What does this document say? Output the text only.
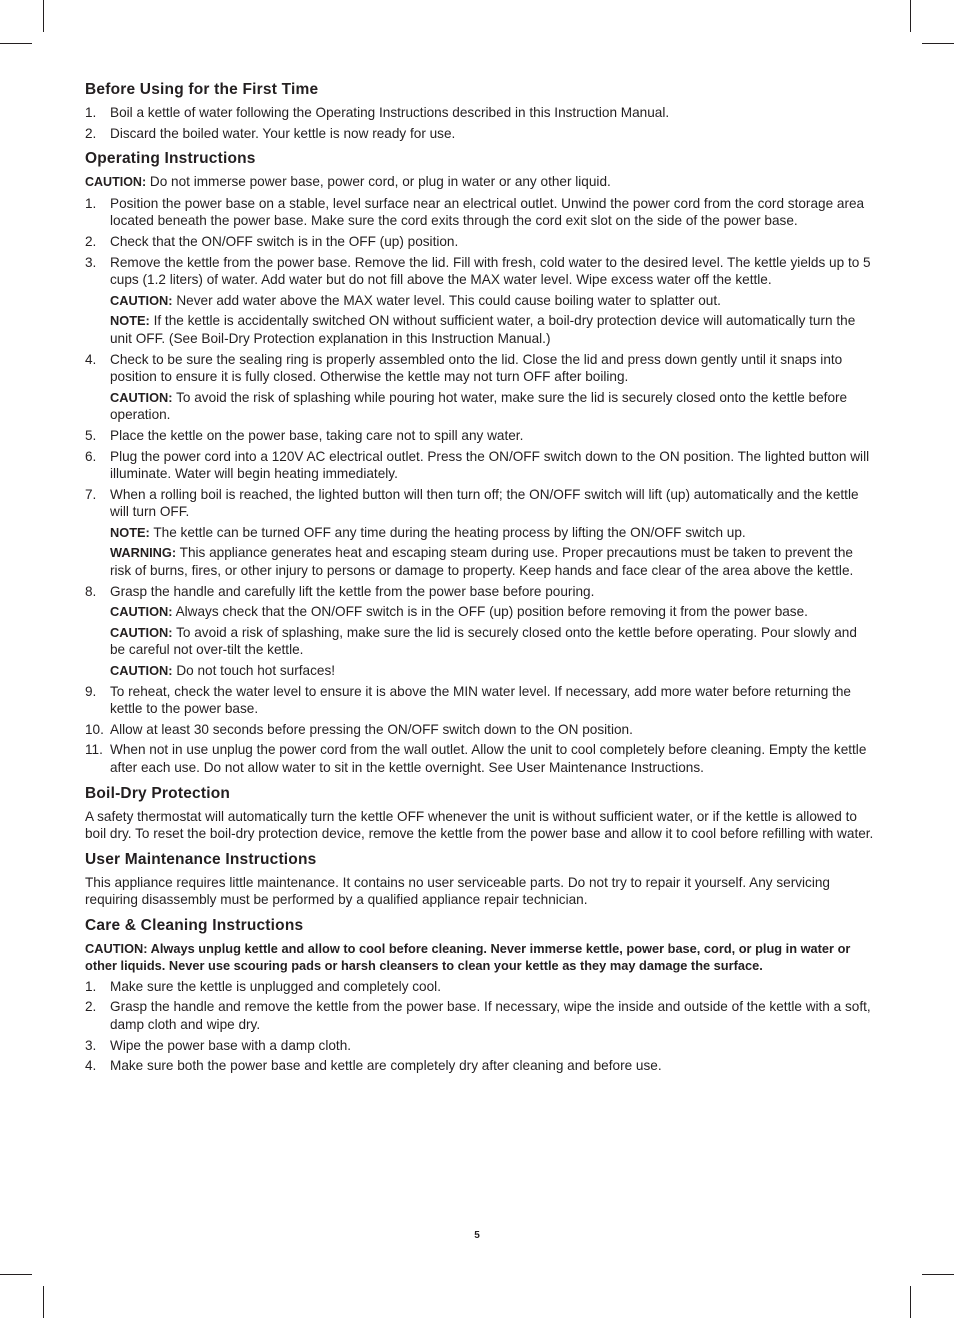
Before Using for the First Time
1. Boil a kettle of water following the Operating Instructions described in this Instruction Manual.
2. Discard the boiled water. Your kettle is now ready for use.
Operating Instructions

CAUTION: Do not immerse power base, power cord, or plug in water or any other liquid.

1. Position the power base on a stable, level surface near an electrical outlet. Unwind the power cord from the cord storage area located beneath the power base. Make sure the cord exits through the cord exit slot on the side of the power base.
2. Check that the ON/OFF switch is in the OFF (up) position.
3. Remove the kettle from the power base. Remove the lid. Fill with fresh, cold water to the desired level. The kettle yields up to 5 cups (1.2 liters) of water. Add water but do not fill above the MAX water level. Wipe excess water off the kettle.
CAUTION: Never add water above the MAX water level. This could cause boiling water to splatter out.
NOTE: If the kettle is accidentally switched ON without sufficient water, a boil-dry protection device will automatically turn the unit OFF. (See Boil-Dry Protection explanation in this Instruction Manual.)
4. Check to be sure the sealing ring is properly assembled onto the lid. Close the lid and press down gently until it snaps into position to ensure it is fully closed. Otherwise the kettle may not turn OFF after boiling.
CAUTION: To avoid the risk of splashing while pouring hot water, make sure the lid is securely closed onto the kettle before operation.
5. Place the kettle on the power base, taking care not to spill any water.
6. Plug the power cord into a 120V AC electrical outlet. Press the ON/OFF switch down to the ON position. The lighted button will illuminate. Water will begin heating immediately.
7. When a rolling boil is reached, the lighted button will then turn off; the ON/OFF switch will lift (up) automatically and the kettle will turn OFF.
NOTE: The kettle can be turned OFF any time during the heating process by lifting the ON/OFF switch up.
WARNING: This appliance generates heat and escaping steam during use. Proper precautions must be taken to prevent the risk of burns, fires, or other injury to persons or damage to property. Keep hands and face clear of the area above the kettle.
8. Grasp the handle and carefully lift the kettle from the power base before pouring.
CAUTION: Always check that the ON/OFF switch is in the OFF (up) position before removing it from the power base.
CAUTION: To avoid a risk of splashing, make sure the lid is securely closed onto the kettle before operating. Pour slowly and be careful not over-tilt the kettle.
CAUTION: Do not touch hot surfaces!
9. To reheat, check the water level to ensure it is above the MIN water level. If necessary, add more water before returning the kettle to the power base.
10. Allow at least 30 seconds before pressing the ON/OFF switch down to the ON position.
11. When not in use unplug the power cord from the wall outlet. Allow the unit to cool completely before cleaning. Empty the kettle after each use. Do not allow water to sit in the kettle overnight. See User Maintenance Instructions.
Boil-Dry Protection

A safety thermostat will automatically turn the kettle OFF whenever the unit is without sufficient water, or if the kettle is allowed to boil dry. To reset the boil-dry protection device, remove the kettle from the power base and allow it to cool before refilling with water.

User Maintenance Instructions

This appliance requires little maintenance. It contains no user serviceable parts. Do not try to repair it yourself. Any servicing requiring disassembly must be performed by a qualified appliance repair technician.

Care & Cleaning Instructions

CAUTION: Always unplug kettle and allow to cool before cleaning. Never immerse kettle, power base, cord, or plug in water or other liquids. Never use scouring pads or harsh cleansers to clean your kettle as they may damage the surface.

1. Make sure the kettle is unplugged and completely cool.
2. Grasp the handle and remove the kettle from the power base. If necessary, wipe the inside and outside of the kettle with a soft, damp cloth and wipe dry.
3. Wipe the power base with a damp cloth.
4. Make sure both the power base and kettle are completely dry after cleaning and before use.
5
